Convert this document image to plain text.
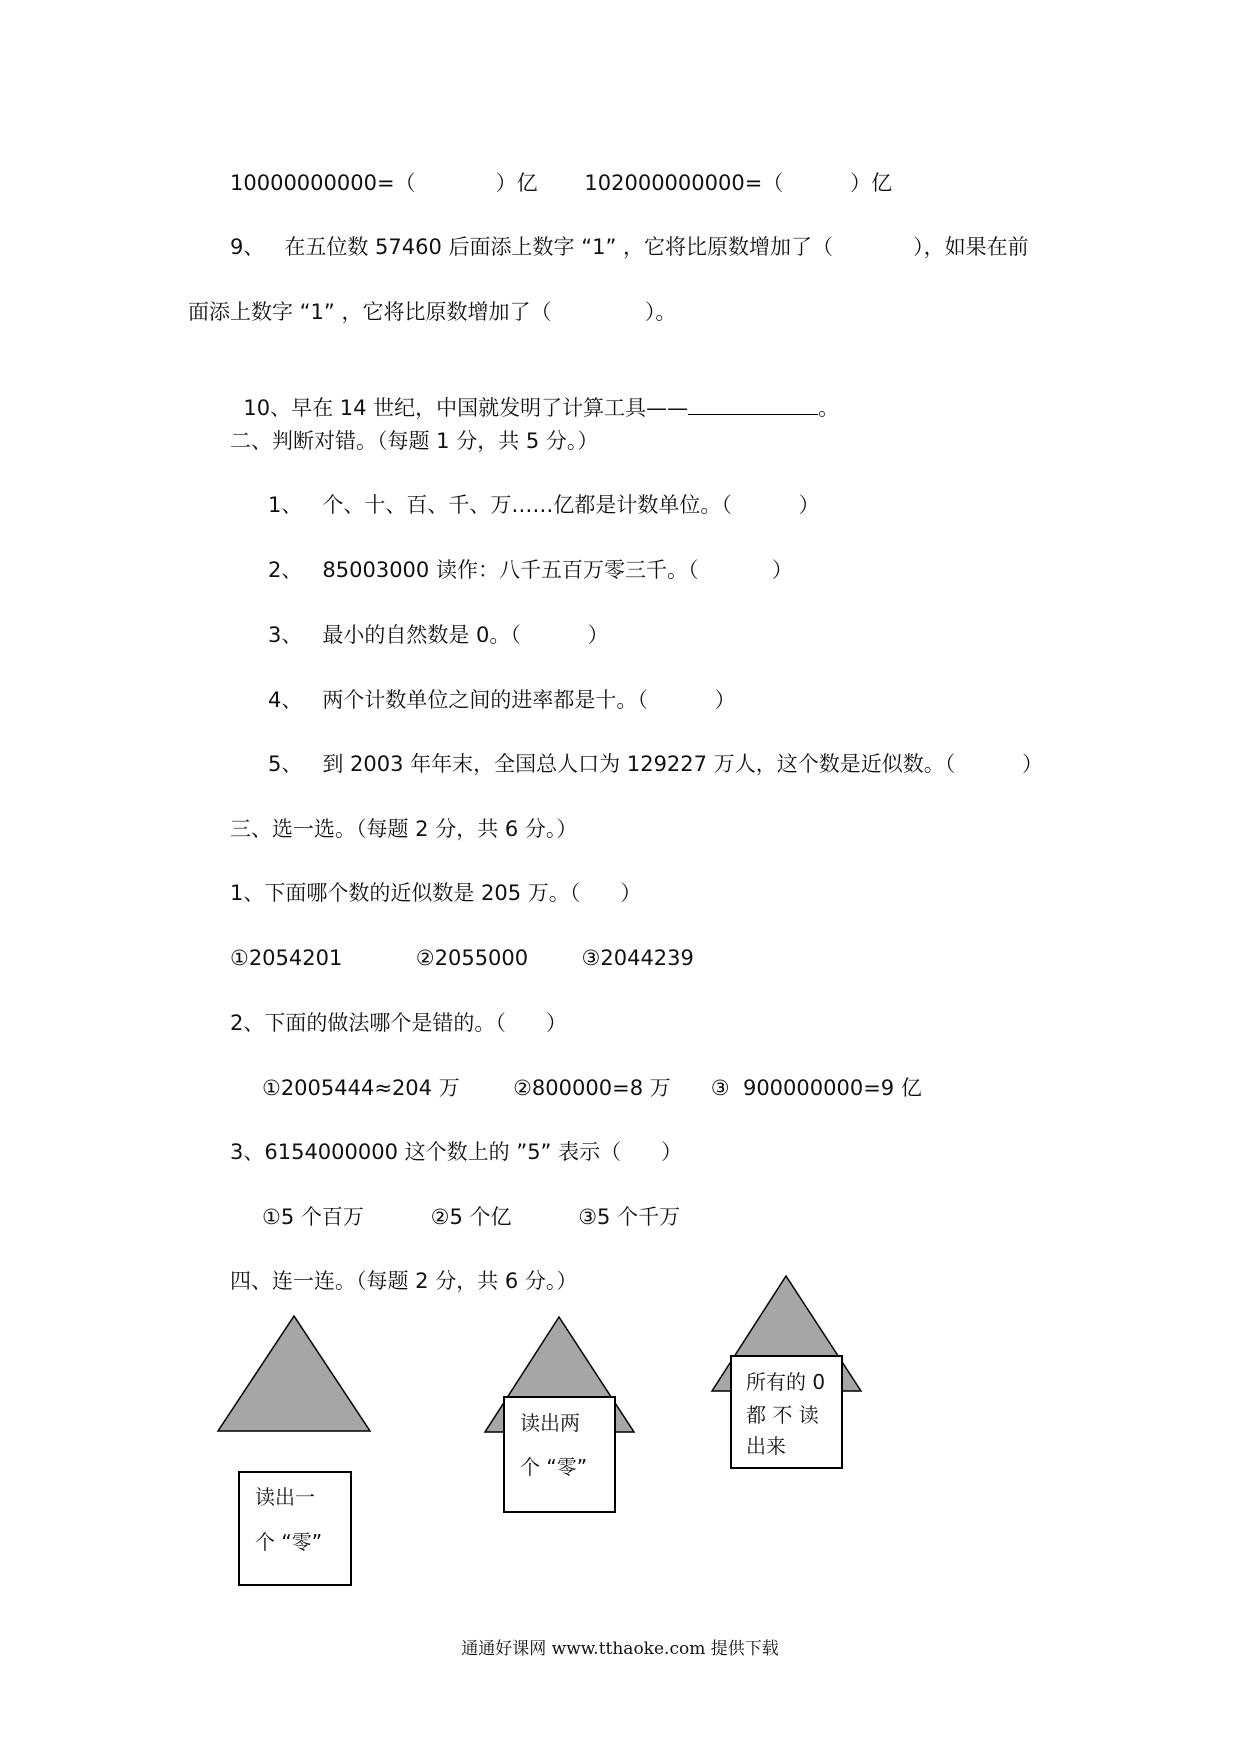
10000000000=（            ）亿       102000000000=（          ）亿
9、   在五位数 57460 后面添上数字 “1” ，它将比原数增加了（            ），如果在前
面添上数字 “1” ，它将比原数增加了（              ）。

10、早在 14 世纪，中国就发明了计算工具——	。

二、判断对错。（每题 1 分，共 5 分。）
1、   个、十、百、千、万……亿都是计数单位。（          ）
2、   85003000 读作：八千五百万零三千。（           ）
3、   最小的自然数是 0。（          ）
4、   两个计数单位之间的进率都是十。（          ）
5、   到 2003 年年末，全国总人口为 129227 万人，这个数是近似数。（          ）
三、选一选。（每题 2 分，共 6 分。）
1、下面哪个数的近似数是 205 万。（      ）
①2054201           ②2055000        ③2044239
2、下面的做法哪个是错的。（      ）
①2005444≈204 万        ②800000=8 万      ③  900000000=9 亿
3、6154000000 这个数上的 ”5” 表示（      ）
①5 个百万          ②5 个亿          ③5 个千万
四、连一连。（每题 2 分，共 6 分。）
读出一
个 “零”
读出两
个 “零”
所有的 0
都 不 读
出来
通通好课网 www.tthaoke.com 提供下载
